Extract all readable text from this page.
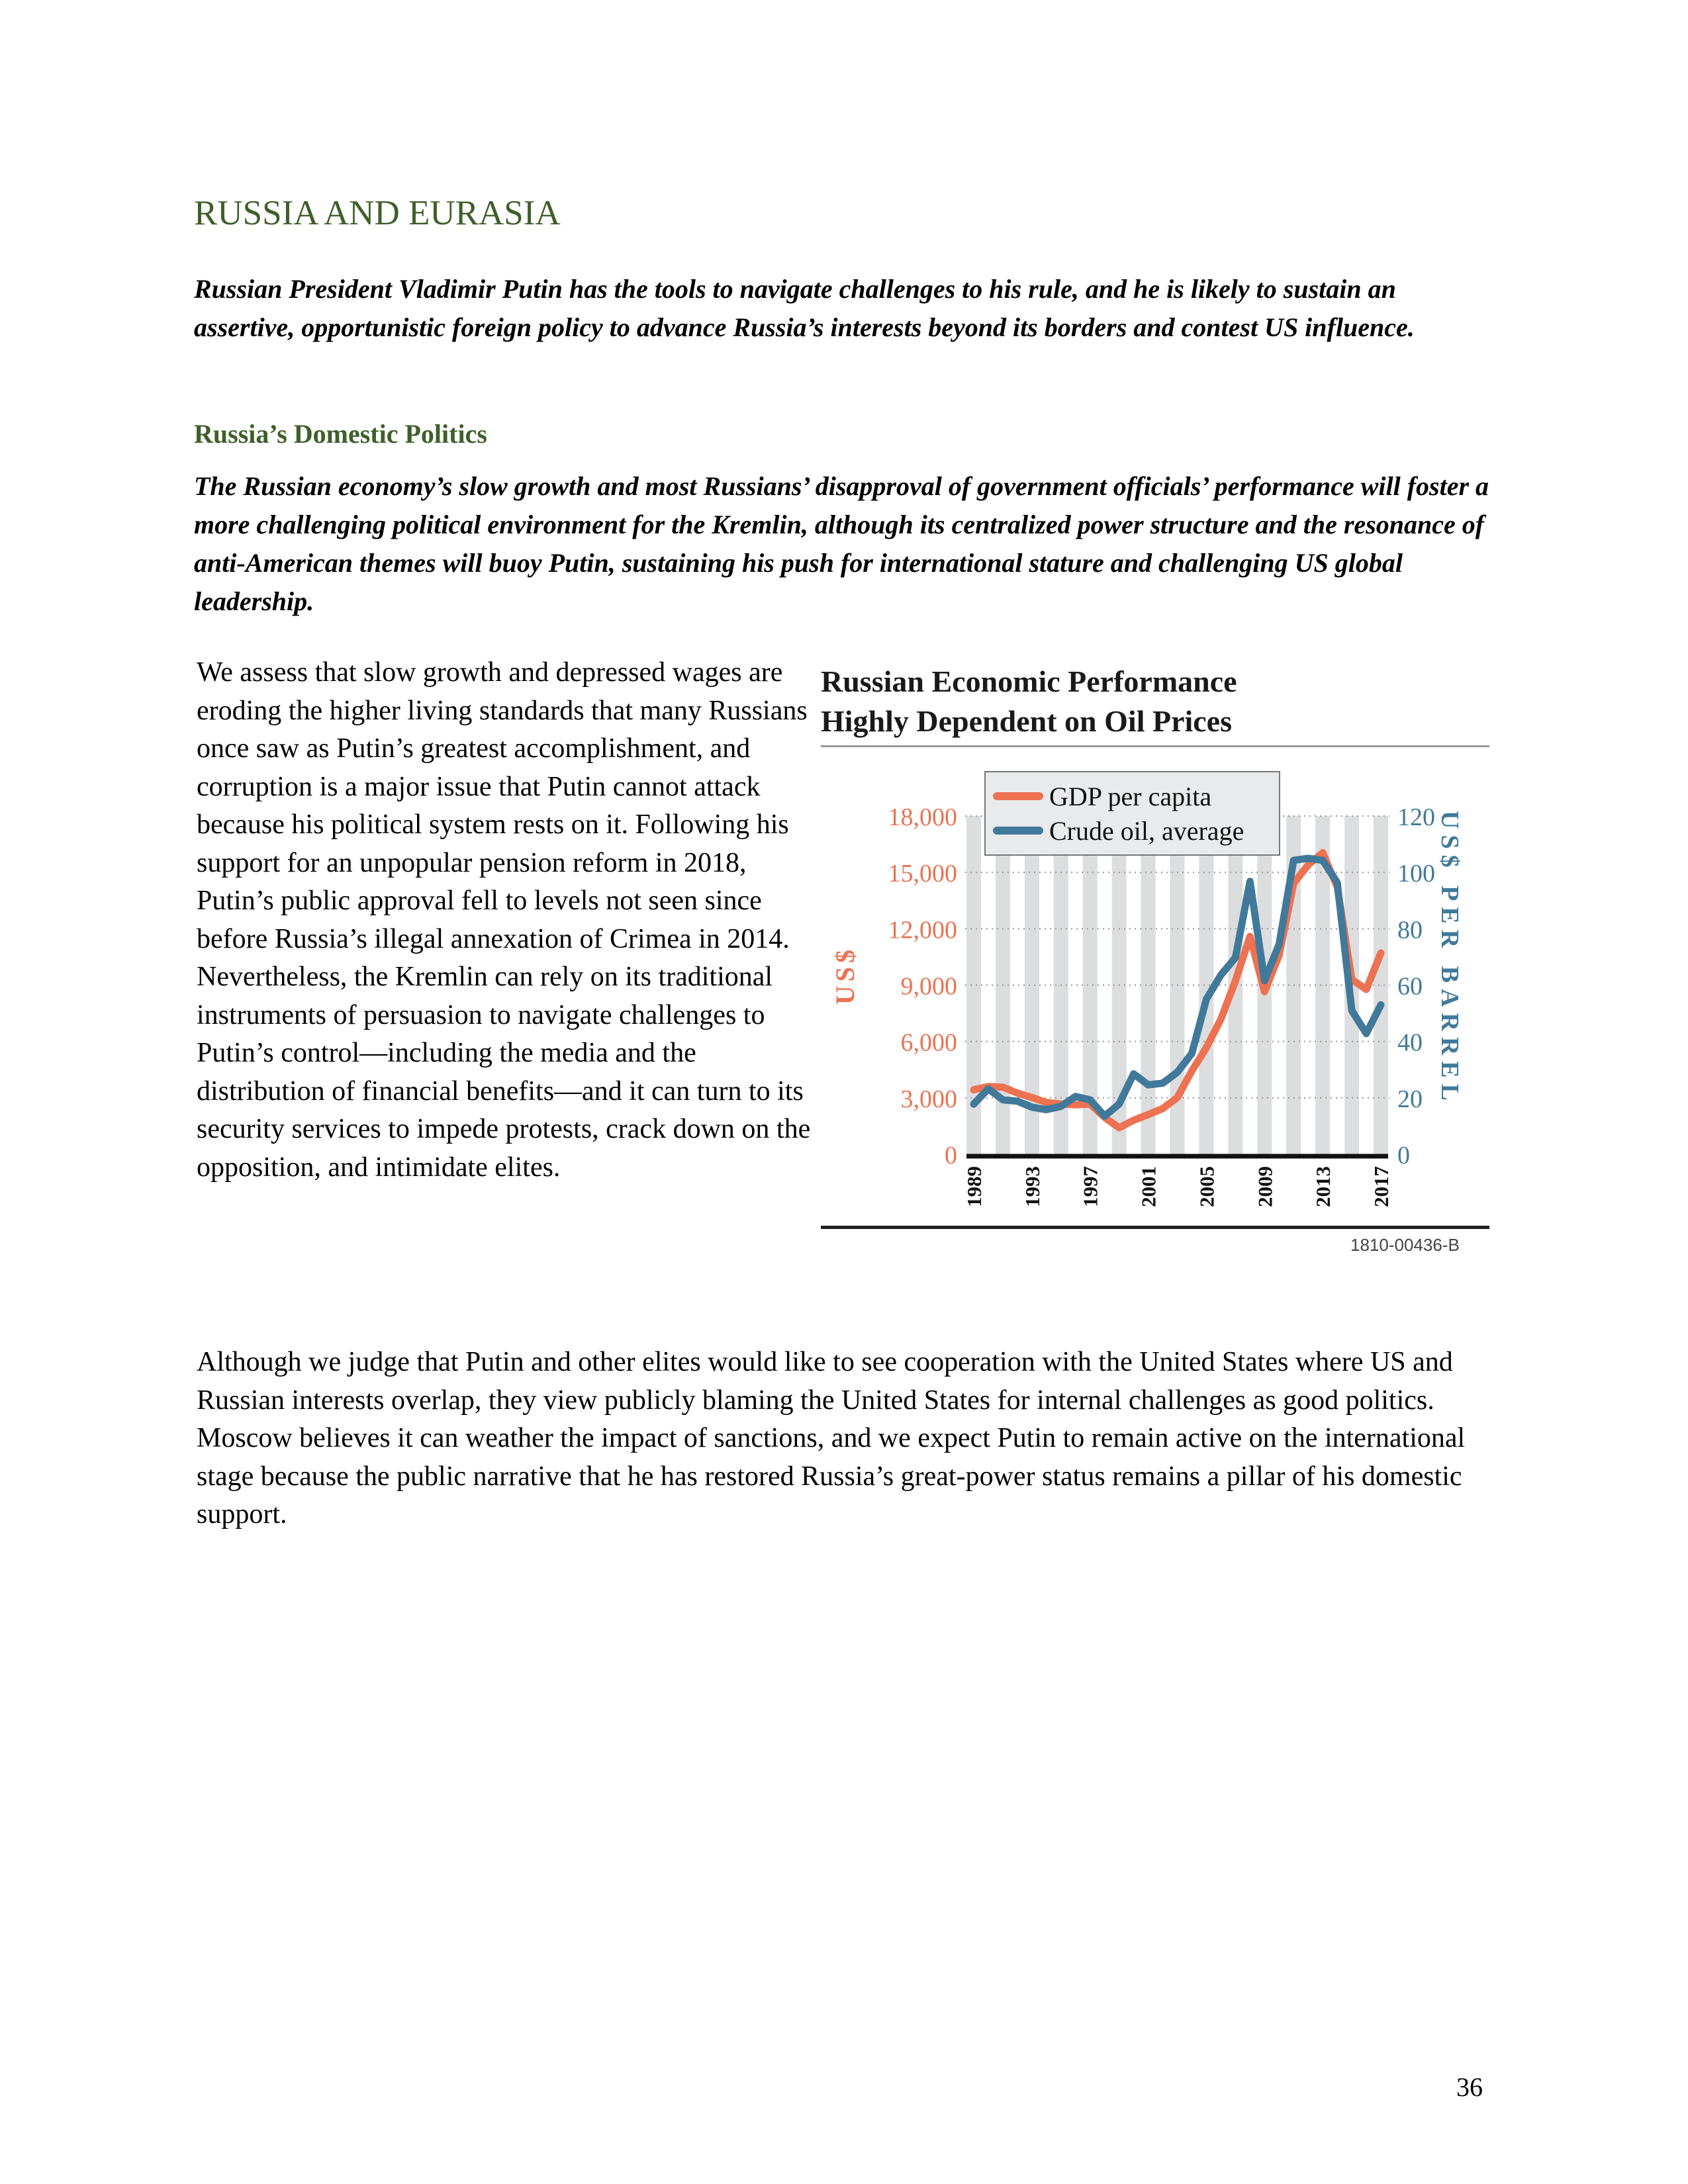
RUSSIA AND EURASIA
Russian President Vladimir Putin has the tools to navigate challenges to his rule, and he is likely to sustain an assertive, opportunistic foreign policy to advance Russia’s interests beyond its borders and contest US influence.
Russia’s Domestic Politics
The Russian economy’s slow growth and most Russians’ disapproval of government officials’ performance will foster a more challenging political environment for the Kremlin, although its centralized power structure and the resonance of anti-American themes will buoy Putin, sustaining his push for international stature and challenging US global leadership.
We assess that slow growth and depressed wages are eroding the higher living standards that many Russians once saw as Putin’s greatest accomplishment, and corruption is a major issue that Putin cannot attack because his political system rests on it. Following his support for an unpopular pension reform in 2018, Putin’s public approval fell to levels not seen since before Russia’s illegal annexation of Crimea in 2014. Nevertheless, the Kremlin can rely on its traditional instruments of persuasion to navigate challenges to Putin’s control—including the media and the distribution of financial benefits—and it can turn to its security services to impede protests, crack down on the opposition, and intimidate elites.
Russian Economic Performance
Highly Dependent on Oil Prices
0
3,000
6,000
9,000
12,000
15,000
18,000
0
20
40
60
80
100
120
1989 1993 1997 2001 2005 2009 2013 2017
US$	US$ PER BARREL
GDP per capita
Crude oil, average
1810-00436-B
Although we judge that Putin and other elites would like to see cooperation with the United States where US and Russian interests overlap, they view publicly blaming the United States for internal challenges as good politics. Moscow believes it can weather the impact of sanctions, and we expect Putin to remain active on the international stage because the public narrative that he has restored Russia’s great-power status remains a pillar of his domestic support.
36
